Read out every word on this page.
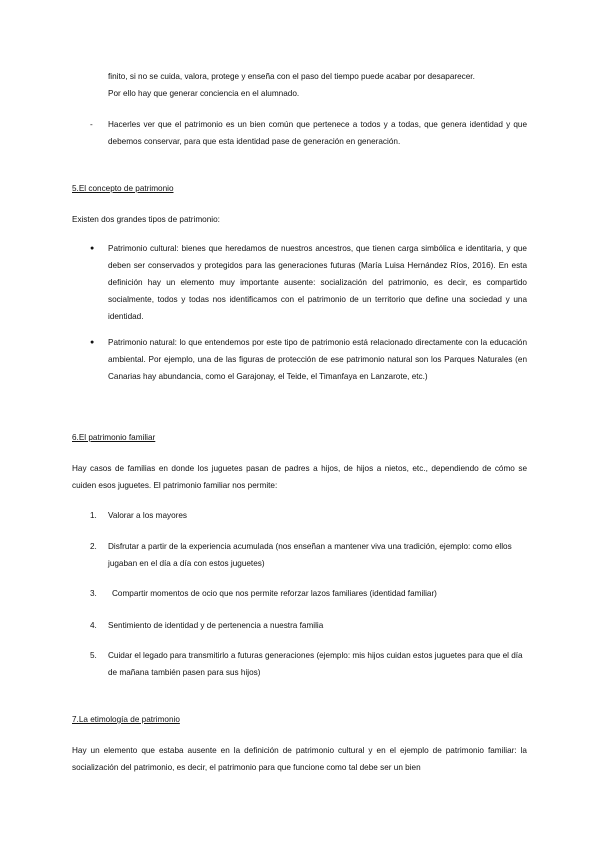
finito, si no se cuida, valora, protege y enseña con el paso del tiempo puede acabar por desaparecer.
Por ello hay que generar conciencia en el alumnado.
- Hacerles ver que el patrimonio es un bien común que pertenece a todos y a todas, que genera identidad y que debemos conservar, para que esta identidad pase de generación en generación.
5.El concepto de patrimonio
Existen dos grandes tipos de patrimonio:
● Patrimonio cultural: bienes que heredamos de nuestros ancestros, que tienen carga simbólica e identitaria, y que deben ser conservados y protegidos para las generaciones futuras (María Luisa Hernández Ríos, 2016). En esta definición hay un elemento muy importante ausente: socialización del patrimonio, es decir, es compartido socialmente, todos y todas nos identificamos con el patrimonio de un territorio que define una sociedad y una identidad.
● Patrimonio natural: lo que entendemos por este tipo de patrimonio está relacionado directamente con la educación ambiental. Por ejemplo, una de las figuras de protección de ese patrimonio natural son los Parques Naturales (en Canarias hay abundancia, como el Garajonay, el Teide, el Timanfaya en Lanzarote, etc.)
6.El patrimonio familiar
Hay casos de familias en donde los juguetes pasan de padres a hijos, de hijos a nietos, etc., dependiendo de cómo se cuiden esos juguetes. El patrimonio familiar nos permite:
1. Valorar a los mayores
2. Disfrutar a partir de la experiencia acumulada (nos enseñan a mantener viva una tradición, ejemplo: como ellos jugaban en el día a día con estos juguetes)
3. Compartir momentos de ocio que nos permite reforzar lazos familiares (identidad familiar)
4. Sentimiento de identidad y de pertenencia a nuestra familia
5. Cuidar el legado para transmitirlo a futuras generaciones (ejemplo: mis hijos cuidan estos juguetes para que el día de mañana también pasen para sus hijos)
7.La etimología de patrimonio
Hay un elemento que estaba ausente en la definición de patrimonio cultural y en el ejemplo de patrimonio familiar: la socialización del patrimonio, es decir, el patrimonio para que funcione como tal debe ser un bien
